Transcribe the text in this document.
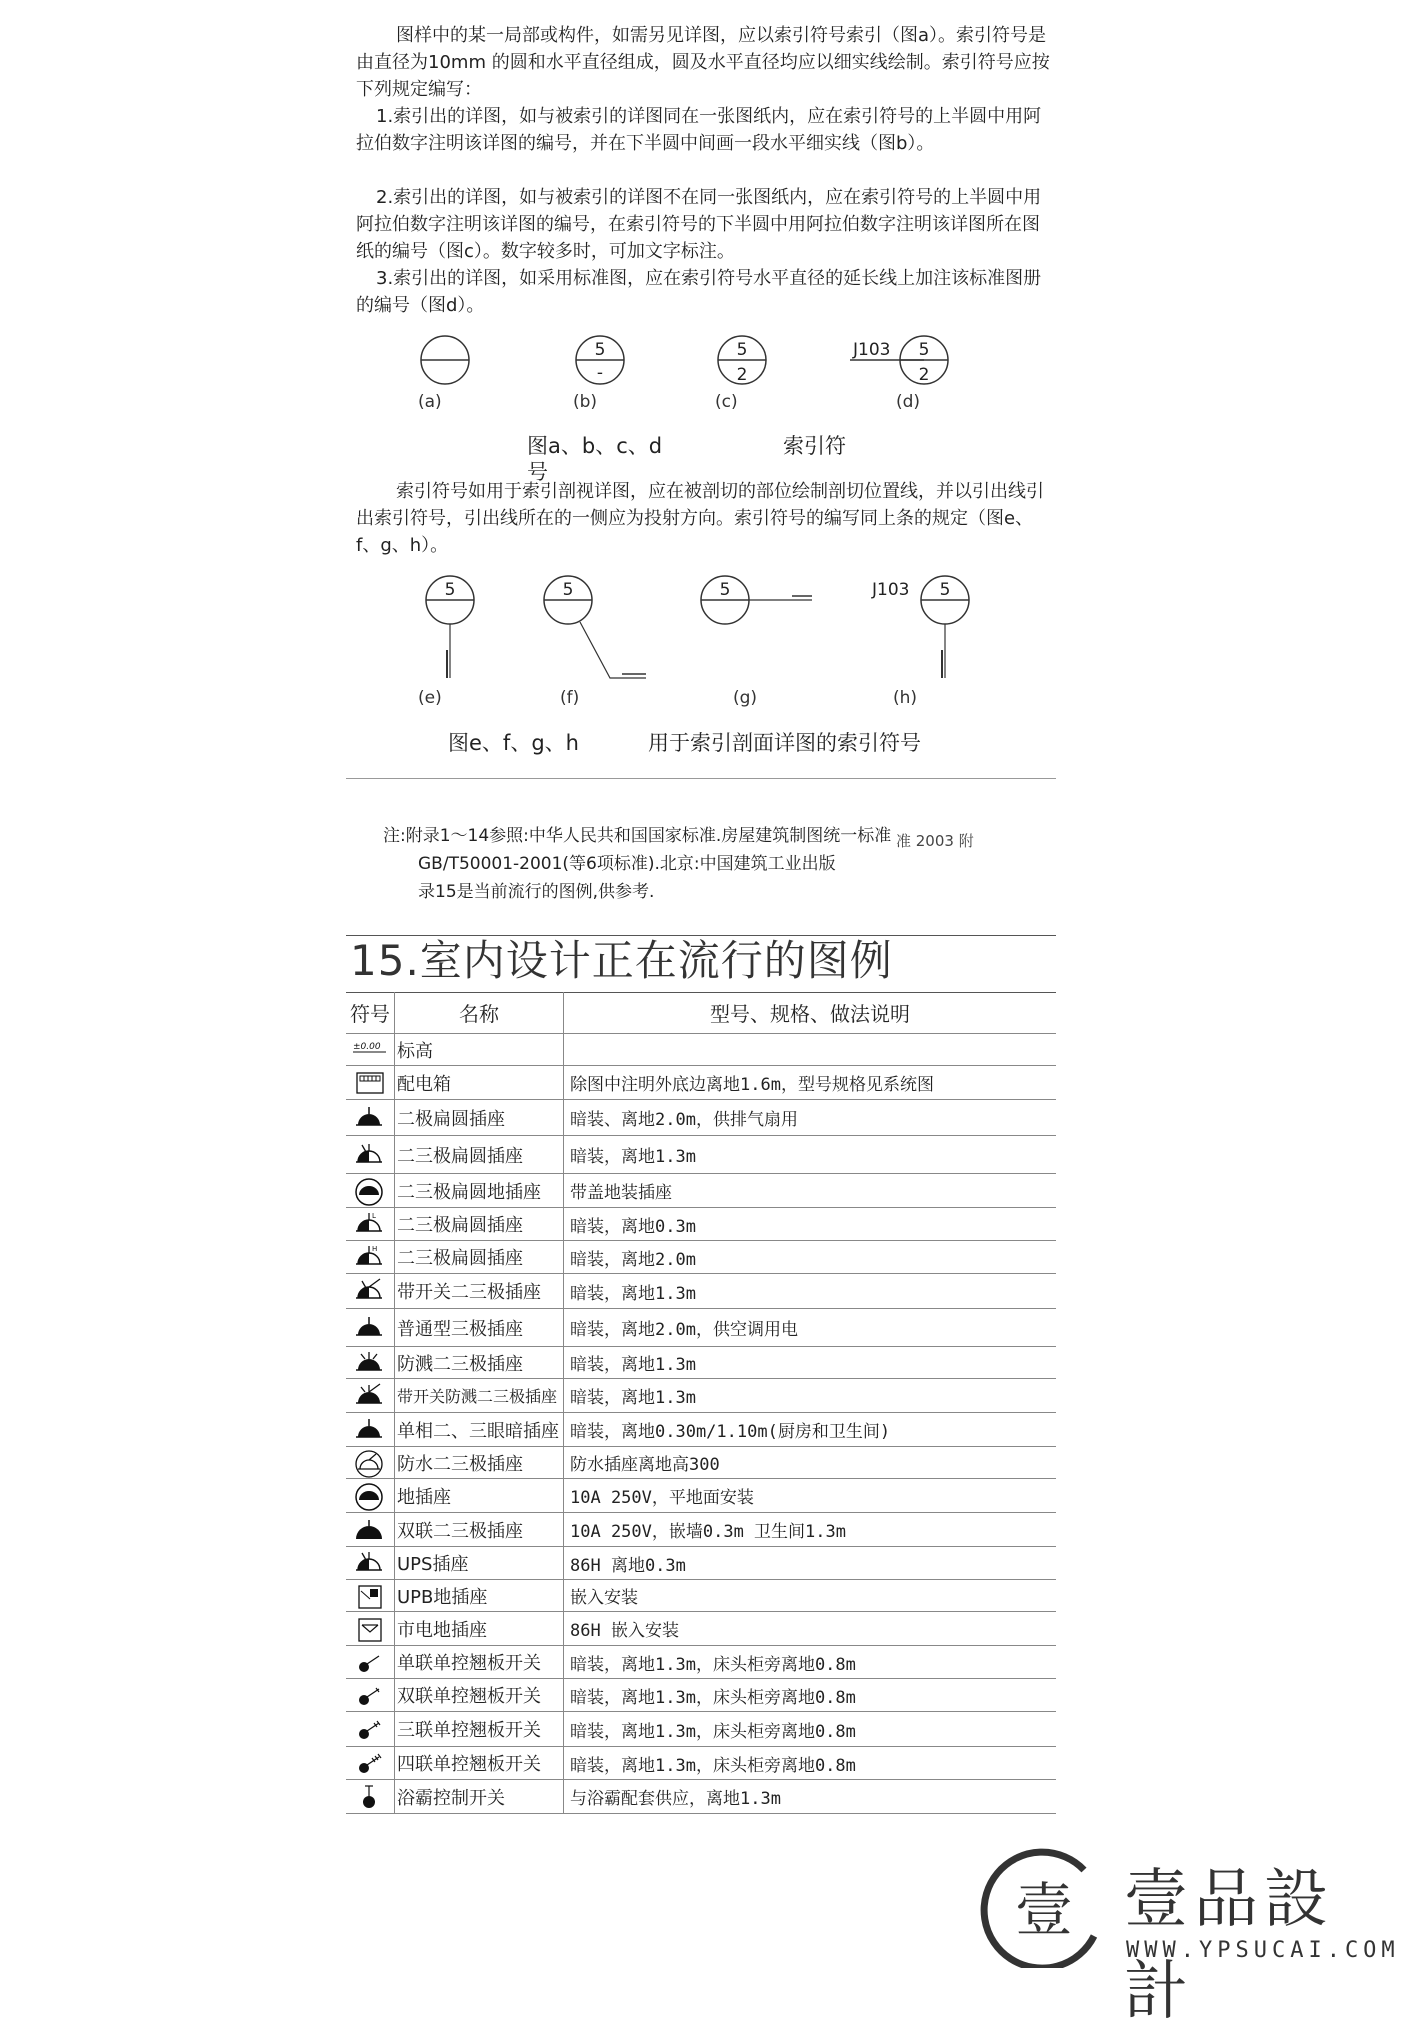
图样中的某一局部或构件，如需另见详图，应以索引符号索引（图a）。索引符号是由直径为10mm 的圆和水平直径组成，圆及水平直径均应以细实线绘制。索引符号应按下列规定编写：

1.索引出的详图，如与被索引的详图同在一张图纸内，应在索引符号的上半圆中用阿拉伯数字注明该详图的编号，并在下半圆中间画一段水平细实线（图b）。

2.索引出的详图，如与被索引的详图不在同一张图纸内，应在索引符号的上半圆中用阿拉伯数字注明该详图的编号，在索引符号的下半圆中用阿拉伯数字注明该详图所在图纸的编号（图c）。数字较多时，可加文字标注。

3.索引出的详图，如采用标准图，应在索引符号水平直径的延长线上加注该标准图册的编号（图d）。

5
-
5
2
J103 5
2
(a)	(b)	(c)	(d)
图a、b、c、d	索引符
号

索引符号如用于索引剖视详图，应在被剖切的部位绘制剖切位置线，并以引出线引出索引符号，引出线所在的一侧应为投射方向。索引符号的编写同上条的规定（图e、f、g、h）。

5	5	5	J103 5
(e)	(f)	(g)	(h)
图e、f、g、h	用于索引剖面详图的索引符号

注:附录1～14参照:中华人民共和国国家标准.房屋建筑制图统一标准 准 2003 附

GB/T50001-2001(等6项标准).北京:中国建筑工业出版

录15是当前流行的图例,供参考.

15.室内设计正在流行的图例
符号	名称	型号、规格、做法说明

±0.00	标高	

	配电箱	除图中注明外底边离地1.6m，型号规格见系统图

	二极扁圆插座	暗装、离地2.0m，供排气扇用

	二三极扁圆插座	暗装，离地1.3m

	二三极扁圆地插座	带盖地装插座

L	二三极扁圆插座	暗装，离地0.3m

H	二三极扁圆插座	暗装，离地2.0m

	带开关二三极插座	暗装，离地1.3m

	普通型三极插座	暗装，离地2.0m，供空调用电

	防溅二三极插座	暗装，离地1.3m

	带开关防溅二三极插座	暗装，离地1.3m

	单相二、三眼暗插座	暗装，离地0.30m/1.10m(厨房和卫生间)

	防水二三极插座	防水插座离地高300

	地插座	10A 250V，平地面安装

	双联二三极插座	10A 250V，嵌墙0.3m 卫生间1.3m

	UPS插座	86H 离地0.3m

	UPB地插座	嵌入安装

	市电地插座	86H 嵌入安装

	单联单控翘板开关	暗装，离地1.3m，床头柜旁离地0.8m

	双联单控翘板开关	暗装，离地1.3m，床头柜旁离地0.8m

	三联单控翘板开关	暗装，离地1.3m，床头柜旁离地0.8m

	四联单控翘板开关	暗装，离地1.3m，床头柜旁离地0.8m

	浴霸控制开关	与浴霸配套供应，离地1.3m
壹 壹品設計
WWW.YPSUCAI.COM
